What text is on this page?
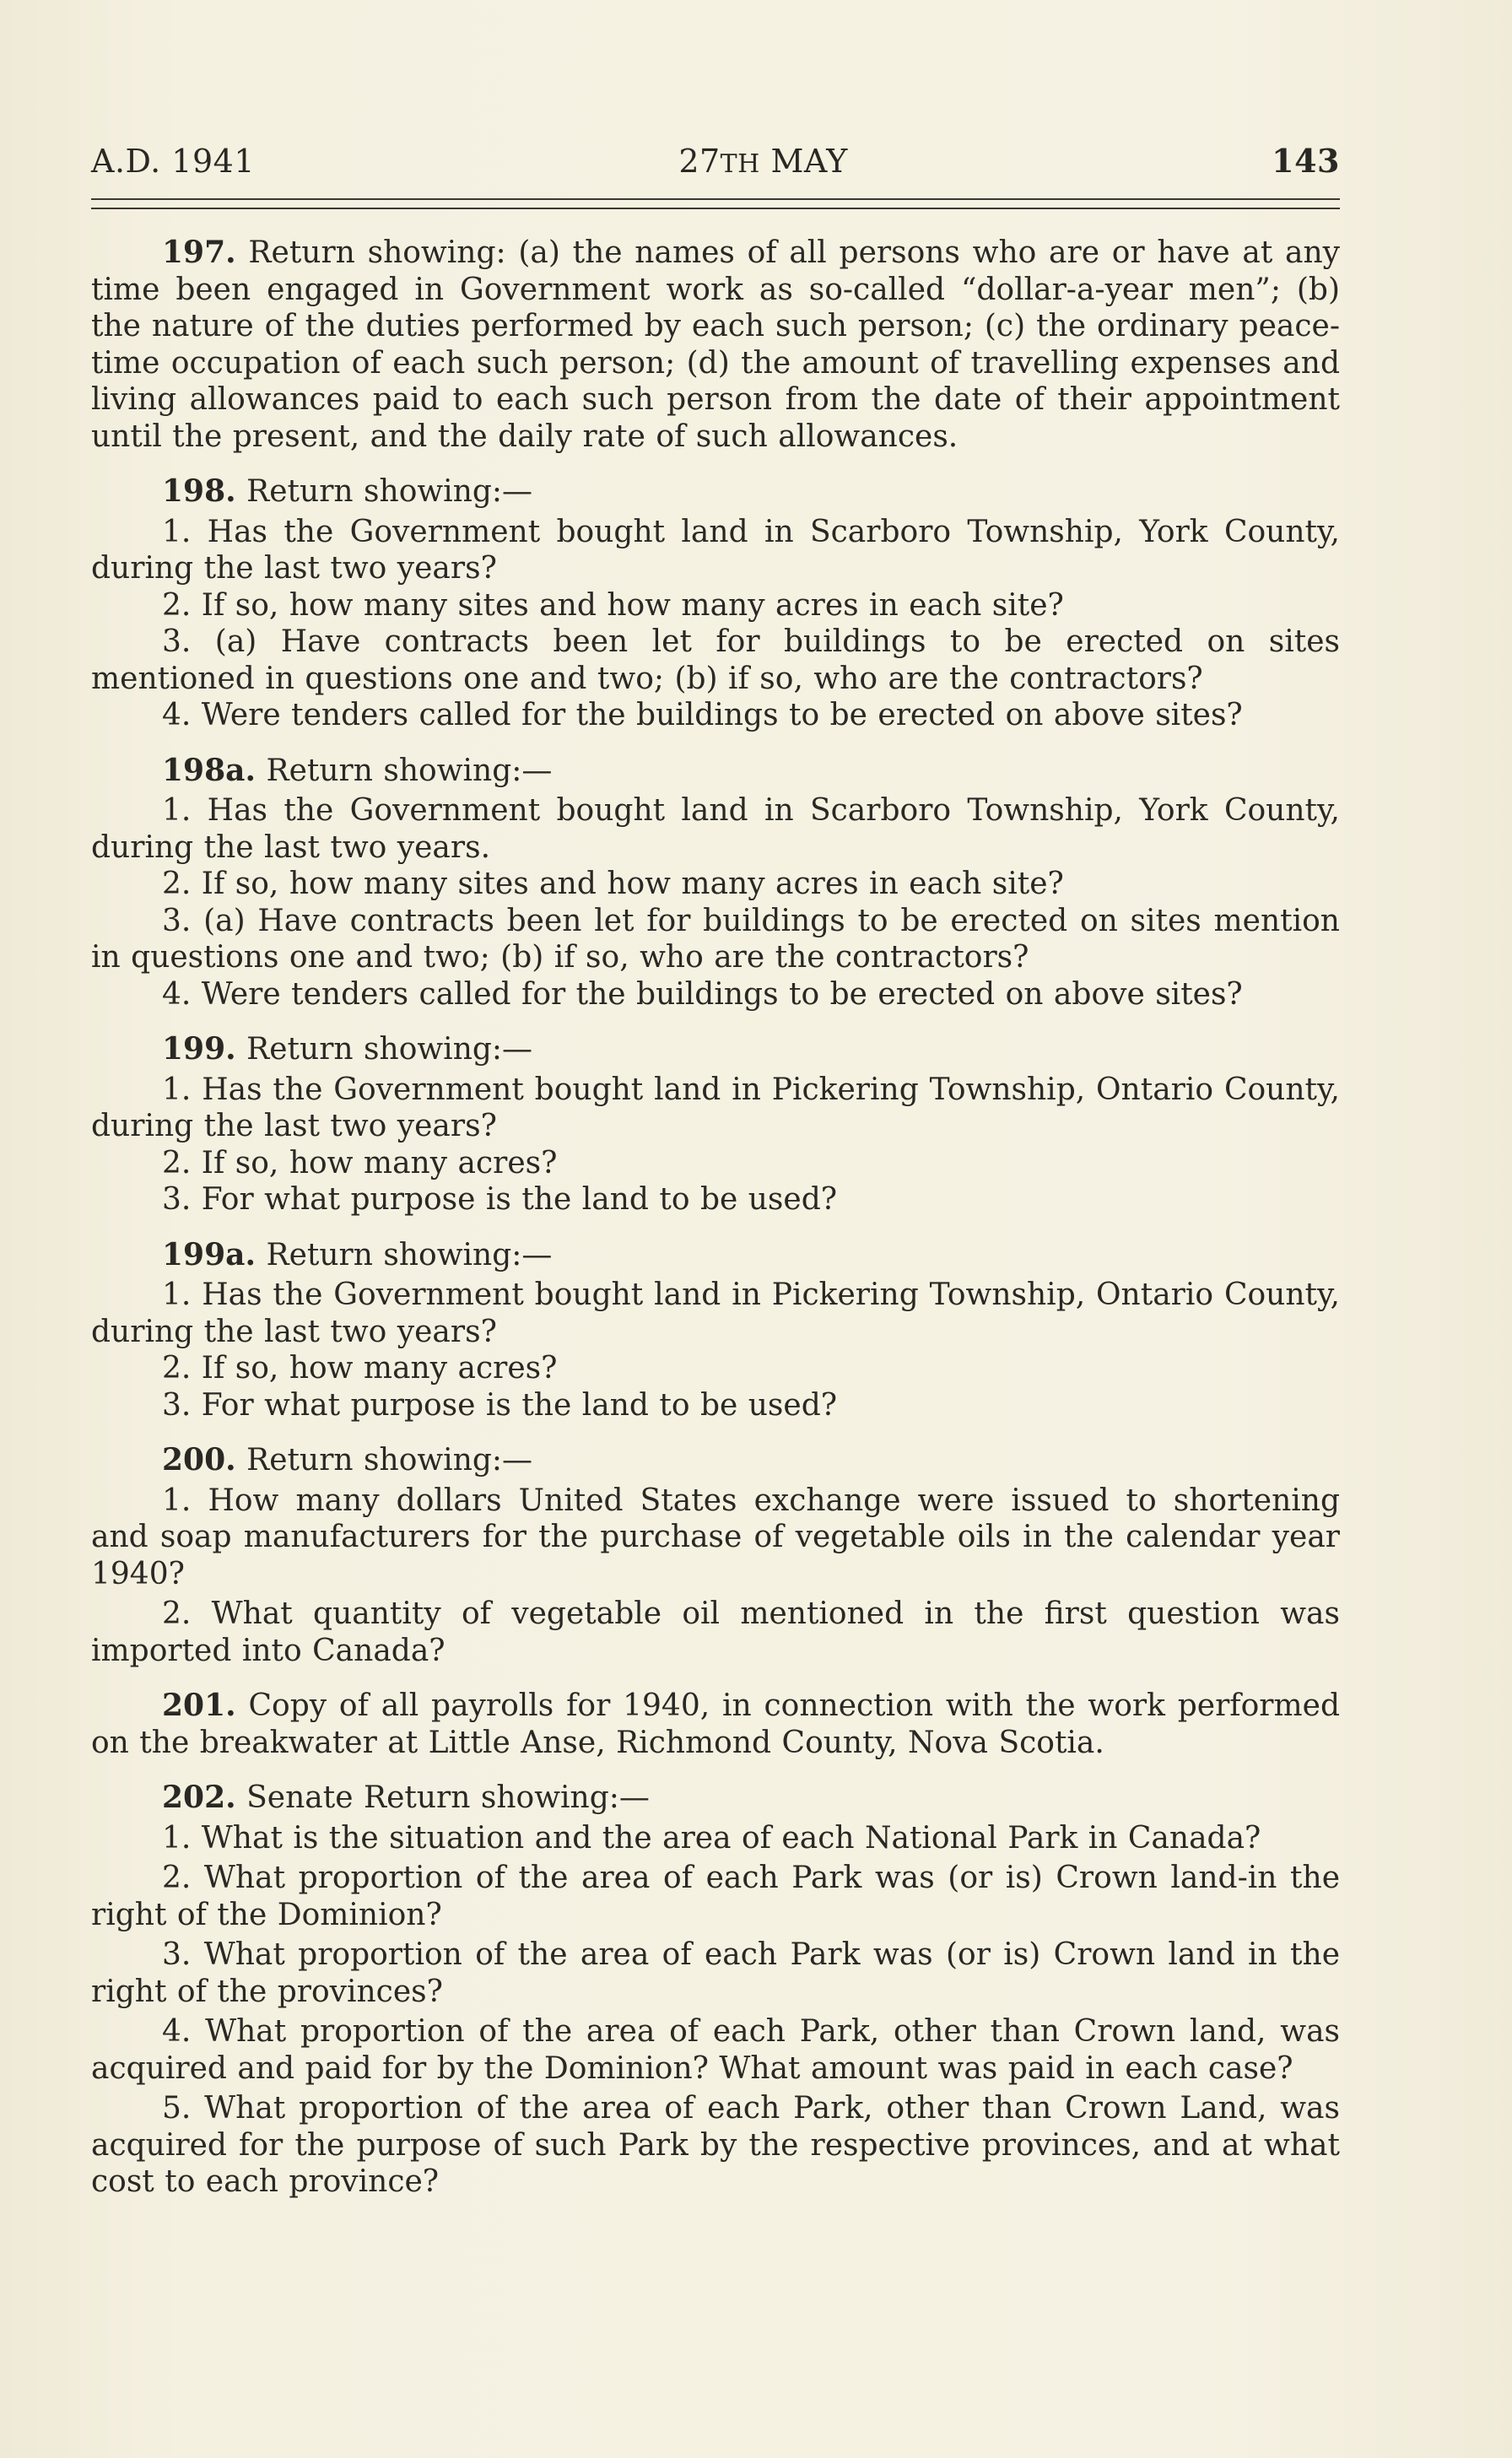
A.D. 1941	27TH MAY	143

197. Return showing: (a) the names of all persons who are or have at any time been engaged in Government work as so-called “dollar-a-year men”; (b) the nature of the duties performed by each such person; (c) the ordinary peace-time occupation of each such person; (d) the amount of travelling expenses and living allowances paid to each such person from the date of their appointment until the present, and the daily rate of such allowances.

198. Return showing:—

1. Has the Government bought land in Scarboro Township, York County, during the last two years?

2. If so, how many sites and how many acres in each site?

3. (a) Have contracts been let for buildings to be erected on sites mentioned in questions one and two; (b) if so, who are the contractors?

4. Were tenders called for the buildings to be erected on above sites?

198a. Return showing:—

1. Has the Government bought land in Scarboro Township, York County, during the last two years.

2. If so, how many sites and how many acres in each site?

3. (a) Have contracts been let for buildings to be erected on sites mention in questions one and two; (b) if so, who are the contractors?

4. Were tenders called for the buildings to be erected on above sites?

199. Return showing:—

1. Has the Government bought land in Pickering Township, Ontario County, during the last two years?

2. If so, how many acres?

3. For what purpose is the land to be used?

199a. Return showing:—

1. Has the Government bought land in Pickering Township, Ontario County, during the last two years?

2. If so, how many acres?

3. For what purpose is the land to be used?

200. Return showing:—

1. How many dollars United States exchange were issued to shortening and soap manufacturers for the purchase of vegetable oils in the calendar year 1940?

2. What quantity of vegetable oil mentioned in the first question was imported into Canada?

201. Copy of all payrolls for 1940, in connection with the work performed on the breakwater at Little Anse, Richmond County, Nova Scotia.

202. Senate Return showing:—

1. What is the situation and the area of each National Park in Canada?

2. What proportion of the area of each Park was (or is) Crown land-in the right of the Dominion?

3. What proportion of the area of each Park was (or is) Crown land in the right of the provinces?

4. What proportion of the area of each Park, other than Crown land, was acquired and paid for by the Dominion? What amount was paid in each case?

5. What proportion of the area of each Park, other than Crown Land, was acquired for the purpose of such Park by the respective provinces, and at what cost to each province?
